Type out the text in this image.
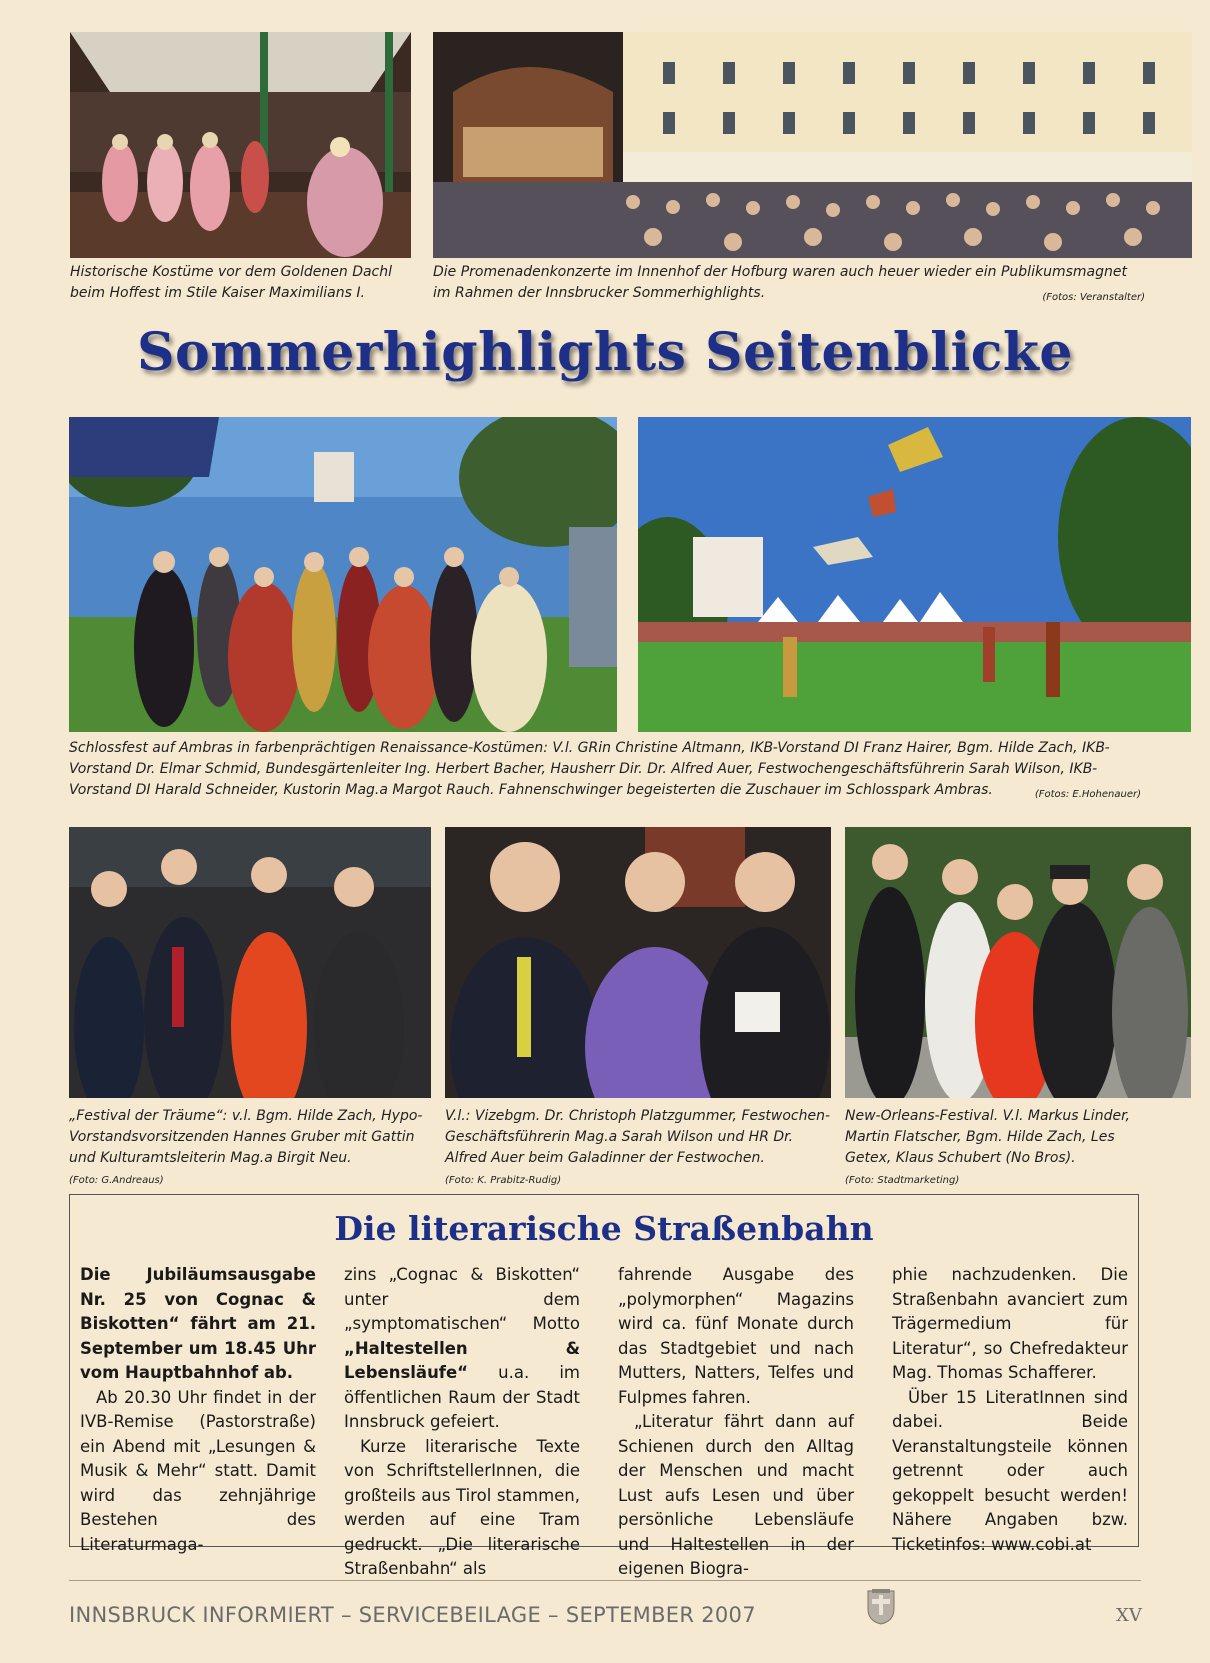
Historische Kostüme vor dem Goldenen Dachl beim Hoffest im Stile Kaiser Maximilians I.
Die Promenadenkonzerte im Innenhof der Hofburg waren auch heuer wieder ein Publikumsmagnet im Rahmen der Innsbrucker Sommerhighlights.	(Fotos: Veranstalter)
Sommerhighlights Seitenblicke
Schlossfest auf Ambras in farbenprächtigen Renaissance-Kostümen: V.l. GRin Christine Altmann, IKB-Vorstand DI Franz Hairer, Bgm. Hilde Zach, IKB-Vorstand Dr. Elmar Schmid, Bundesgärtenleiter Ing. Herbert Bacher, Hausherr Dir. Dr. Alfred Auer, Festwochengeschäftsführerin Sarah Wilson, IKB-Vorstand DI Harald Schneider, Kustorin Mag.a Margot Rauch. Fahnenschwinger begeisterten die Zuschauer im Schlosspark Ambras.	(Fotos: E.Hohenauer)
„Festival der Träume“: v.l. Bgm. Hilde Zach, Hypo-Vorstandsvorsitzenden Hannes Gruber mit Gattin und Kulturamtsleiterin Mag.a Birgit Neu. (Foto: G.Andreaus)
V.l.: Vizebgm. Dr. Christoph Platzgummer, Festwochen-Geschäftsführerin Mag.a Sarah Wilson und HR Dr. Alfred Auer beim Galadinner der Festwochen. (Foto: K. Prabitz-Rudig)
New-Orleans-Festival. V.l. Markus Linder, Martin Flatscher, Bgm. Hilde Zach, Les Getex, Klaus Schubert (No Bros). (Foto: Stadtmarketing)
Die literarische Straßenbahn

Die Jubiläumsausgabe Nr. 25 von Cognac & Biskotten“ fährt am 21. September um 18.45 Uhr vom Hauptbahnhof ab.

Ab 20.30 Uhr findet in der IVB-Remise (Pastorstraße) ein Abend mit „Lesungen & Musik & Mehr“ statt. Damit wird das zehnjährige Bestehen des Literaturmaga-

zins „Cognac & Biskotten“ unter dem „symptomatischen“ Motto „Haltestellen & Lebensläufe“ u.a. im öffentlichen Raum der Stadt Innsbruck gefeiert.

Kurze literarische Texte von SchriftstellerInnen, die großteils aus Tirol stammen, werden auf eine Tram gedruckt. „Die literarische Straßenbahn“ als

fahrende Ausgabe des „polymorphen“ Magazins wird ca. fünf Monate durch das Stadtgebiet und nach Mutters, Natters, Telfes und Fulpmes fahren.

„Literatur fährt dann auf Schienen durch den Alltag der Menschen und macht Lust aufs Lesen und über persönliche Lebensläufe und Haltestellen in der eigenen Biogra-

phie nachzudenken. Die Straßenbahn avanciert zum Trägermedium für Literatur“, so Chefredakteur Mag. Thomas Schafferer.

Über 15 LiteratInnen sind dabei. Beide Veranstaltungsteile können getrennt oder auch gekoppelt besucht werden! Nähere Angaben bzw. Ticketinfos: www.cobi.at

INNSBRUCK INFORMIERT – SERVICEBEILAGE – SEPTEMBER 2007	XV
